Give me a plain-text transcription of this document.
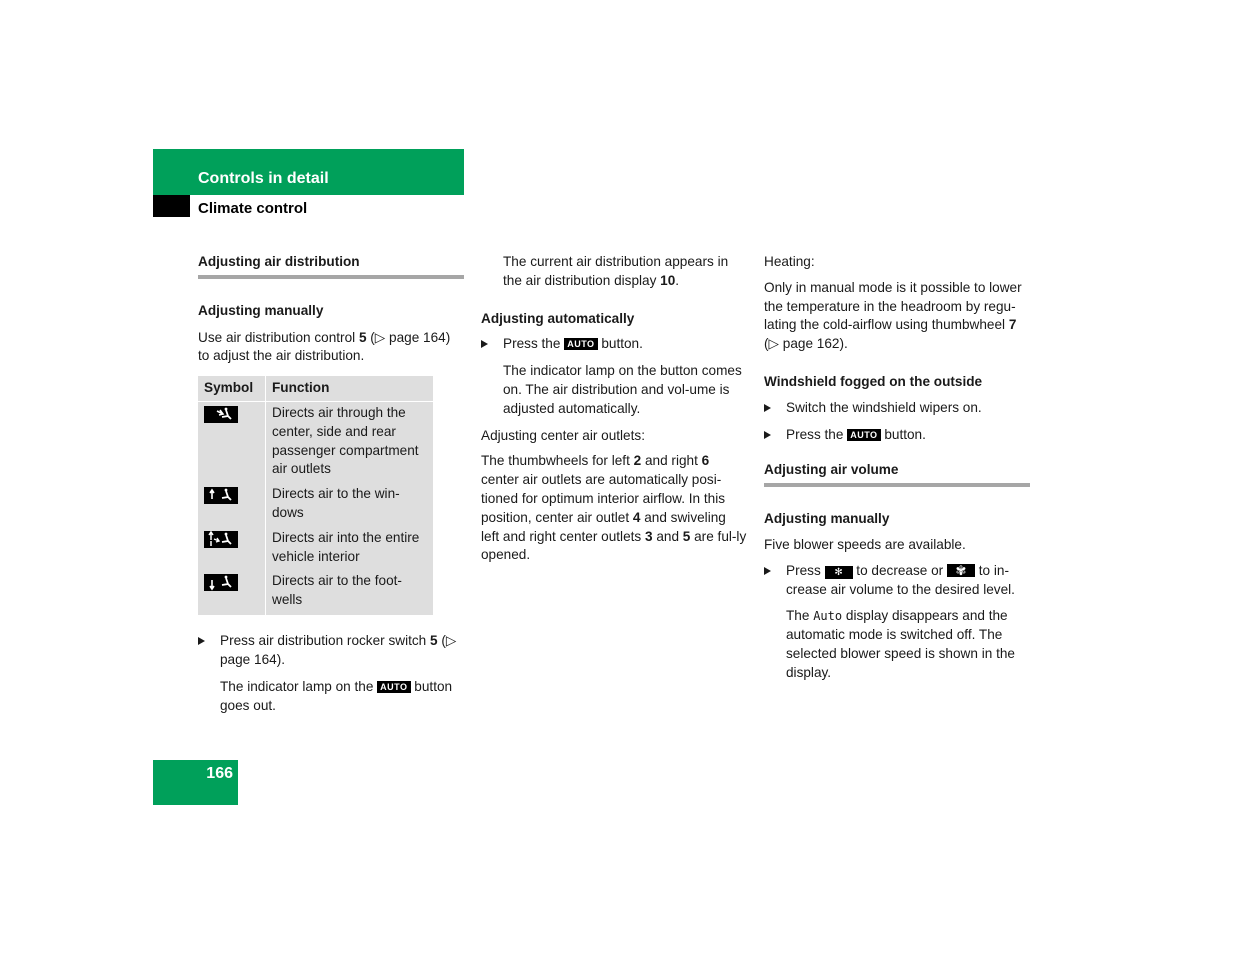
Controls in detail
Climate control

Adjusting air distribution

Adjusting manually

Use air distribution control 5 (▷ page 164) to adjust the air distribution.

Symbol	Function

	Directs air through the center, side and rear passenger compartment air outlets

	Directs air to the win-dows

	Directs air into the entire vehicle interior

	Directs air to the foot-wells

Press air distribution rocker switch 5 (▷ page 164).

The indicator lamp on the AUTO button goes out.

The current air distribution appears in the air distribution display 10.

Adjusting automatically

Press the AUTO button.

The indicator lamp on the button comes on. The air distribution and vol-ume is adjusted automatically.

Adjusting center air outlets:

The thumbwheels for left 2 and right 6 center air outlets are automatically posi-tioned for optimum interior airflow. In this position, center air outlet 4 and swiveling left and right center outlets 3 and 5 are ful-ly opened.

Heating:

Only in manual mode is it possible to lower the temperature in the headroom by regu-lating the cold-airflow using thumbwheel 7 (▷ page 162).

Windshield fogged on the outside

Switch the windshield wipers on.

Press the AUTO button.

Adjusting air volume

Adjusting manually

Five blower speeds are available.

Press ✻ to decrease or ✾ to in-crease air volume to the desired level.

The Auto display disappears and the automatic mode is switched off. The selected blower speed is shown in the display.

166
